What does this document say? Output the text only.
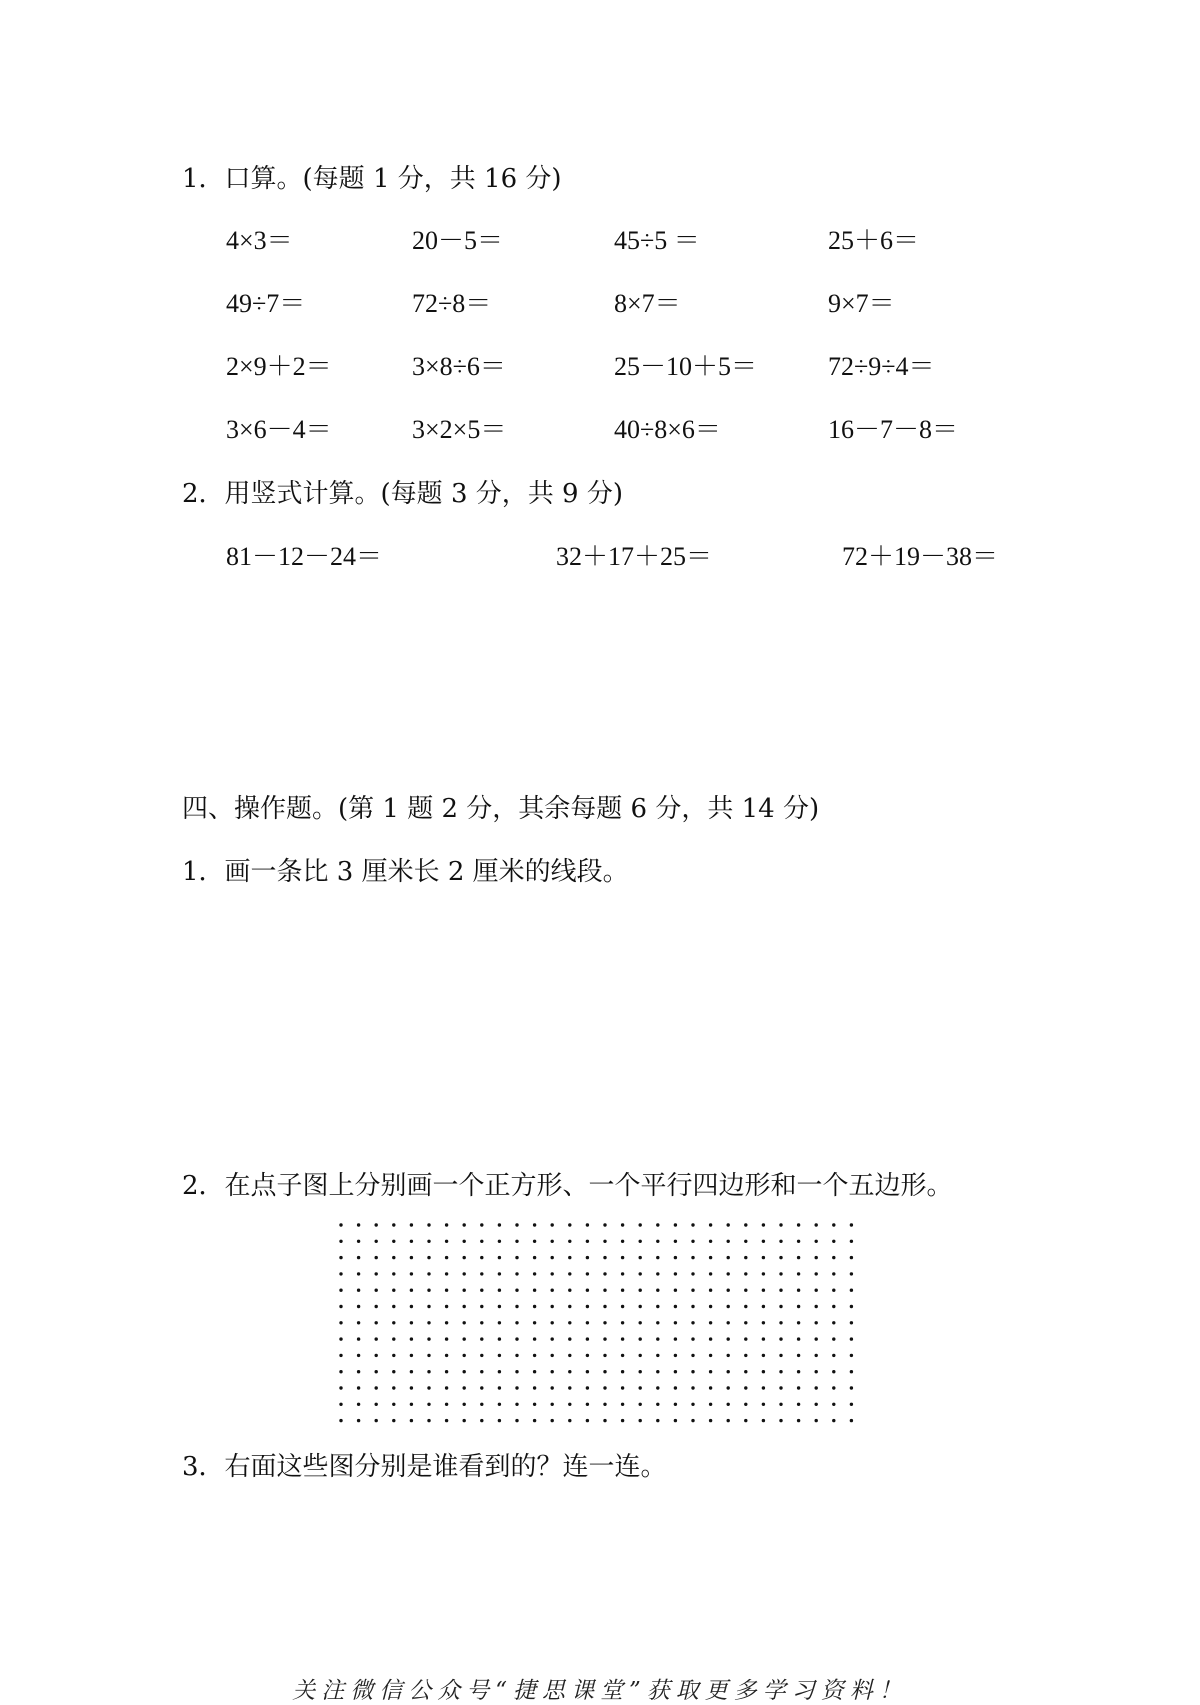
1．口算。(每题 1 分，共 16 分)
4×3＝	20－5＝	45÷5 ＝	25＋6＝
49÷7＝	72÷8＝	8×7＝	9×7＝
2×9＋2＝	3×8÷6＝	25－10＋5＝	72÷9÷4＝
3×6－4＝	3×2×5＝	40÷8×6＝	16－7－8＝
2．用竖式计算。(每题 3 分，共 9 分)
81－12－24＝	32＋17＋25＝	72＋19－38＝
四、操作题。(第 1 题 2 分，其余每题 6 分，共 14 分)
1．画一条比 3 厘米长 2 厘米的线段。
2．在点子图上分别画一个正方形、一个平行四边形和一个五边形。
3．右面这些图分别是谁看到的？连一连。
关注微信公众号“捷思课堂”获取更多学习资料！
